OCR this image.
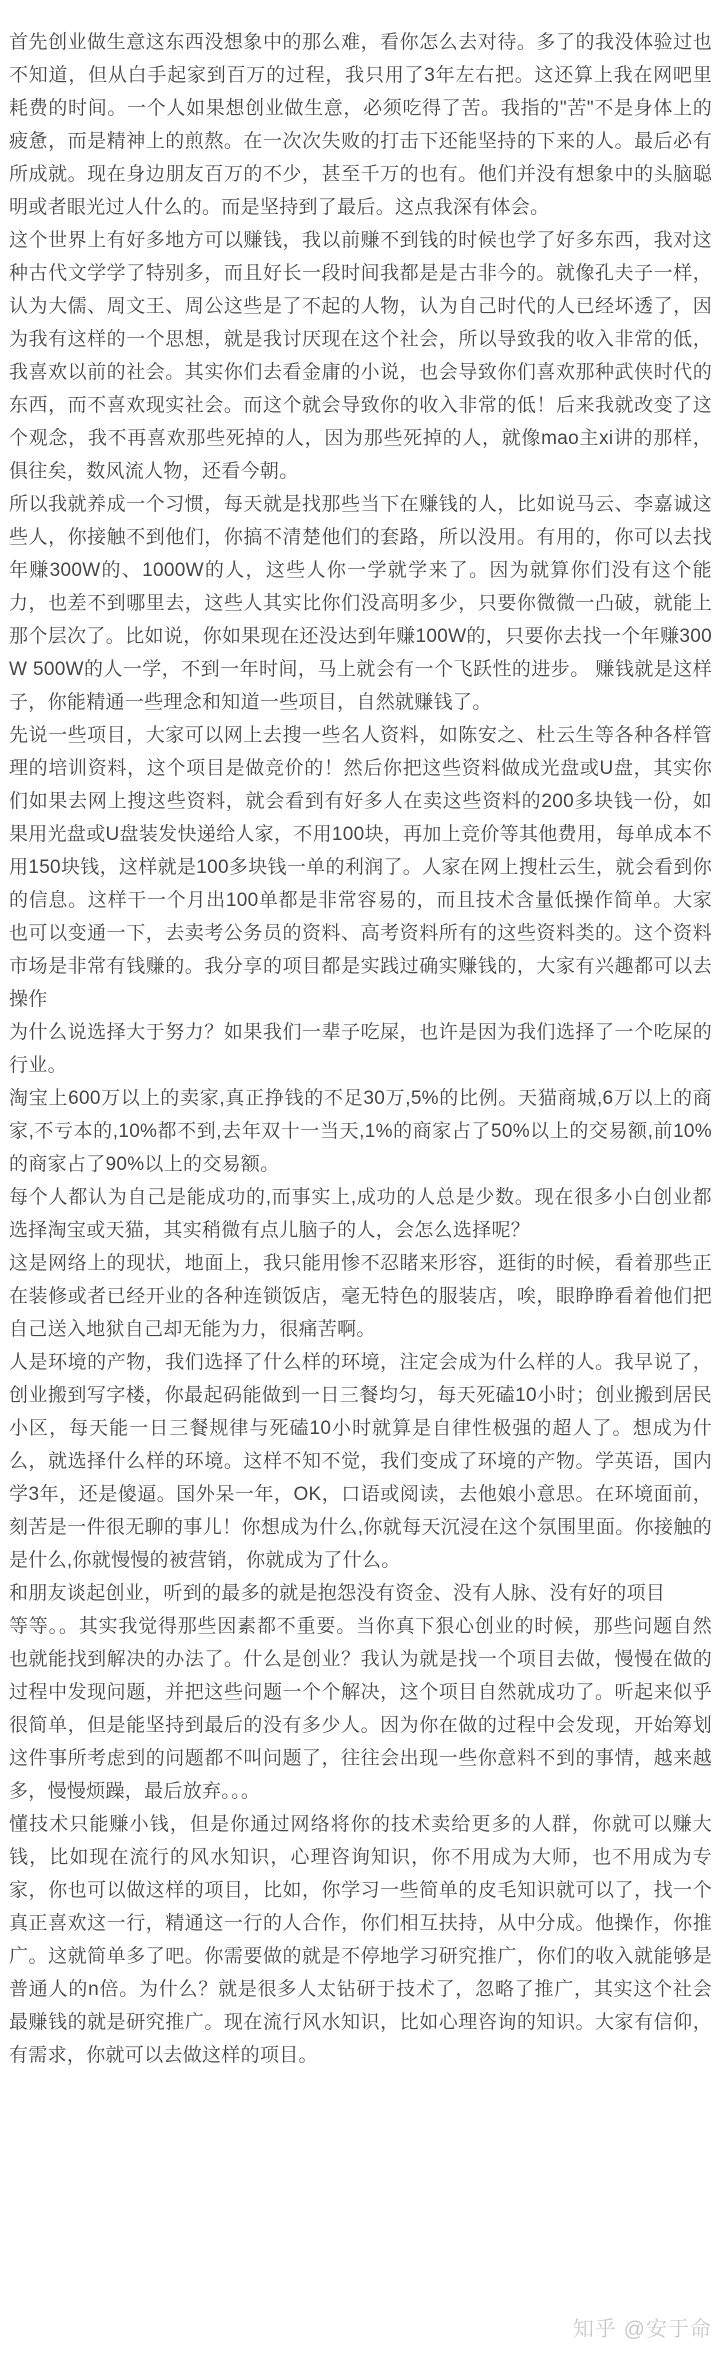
首先创业做生意这东西没想象中的那么难，看你怎么去对待。多了的我没体验过也不知道，但从白手起家到百万的过程，我只用了3年左右把。这还算上我在网吧里耗费的时间。一个人如果想创业做生意，必须吃得了苦。我指的"苦"不是身体上的疲惫，而是精神上的煎熬。在一次次失败的打击下还能坚持的下来的人。最后必有所成就。现在身边朋友百万的不少，甚至千万的也有。他们并没有想象中的头脑聪明或者眼光过人什么的。而是坚持到了最后。这点我深有体会。

这个世界上有好多地方可以赚钱，我以前赚不到钱的时候也学了好多东西，我对这种古代文学学了特别多，而且好长一段时间我都是是古非今的。就像孔夫子一样，认为大儒、周文王、周公这些是了不起的人物，认为自己时代的人已经坏透了，因为我有这样的一个思想，就是我讨厌现在这个社会，所以导致我的收入非常的低，我喜欢以前的社会。其实你们去看金庸的小说，也会导致你们喜欢那种武侠时代的东西，而不喜欢现实社会。而这个就会导致你的收入非常的低！后来我就改变了这个观念，我不再喜欢那些死掉的人，因为那些死掉的人，就像mao主xi讲的那样，俱往矣，数风流人物，还看今朝。

所以我就养成一个习惯，每天就是找那些当下在赚钱的人，比如说马云、李嘉诚这些人，你接触不到他们，你搞不清楚他们的套路，所以没用。有用的，你可以去找年赚300W的、1000W的人，这些人你一学就学来了。因为就算你们没有这个能力，也差不到哪里去，这些人其实比你们没高明多少，只要你微微一凸破，就能上那个层次了。比如说，你如果现在还没达到年赚100W的，只要你去找一个年赚300W 500W的人一学，不到一年时间，马上就会有一个飞跃性的进步。 赚钱就是这样子，你能精通一些理念和知道一些项目，自然就赚钱了。

先说一些项目，大家可以网上去搜一些名人资料，如陈安之、杜云生等各种各样管理的培训资料，这个项目是做竞价的！然后你把这些资料做成光盘或U盘，其实你们如果去网上搜这些资料，就会看到有好多人在卖这些资料的200多块钱一份，如果用光盘或U盘装发快递给人家，不用100块，再加上竞价等其他费用，每单成本不用150块钱，这样就是100多块钱一单的利润了。人家在网上搜杜云生，就会看到你的信息。这样干一个月出100单都是非常容易的，而且技术含量低操作简单。大家也可以变通一下，去卖考公务员的资料、高考资料所有的这些资料类的。这个资料市场是非常有钱赚的。我分享的项目都是实践过确实赚钱的，大家有兴趣都可以去操作

为什么说选择大于努力？如果我们一辈子吃屎，也许是因为我们选择了一个吃屎的行业。

淘宝上600万以上的卖家,真正挣钱的不足30万,5%的比例。天猫商城,6万以上的商家,不亏本的,10%都不到,去年双十一当天,1%的商家占了50%以上的交易额,前10%的商家占了90%以上的交易额。

每个人都认为自己是能成功的,而事实上,成功的人总是少数。现在很多小白创业都选择淘宝或天猫，其实稍微有点儿脑子的人，会怎么选择呢？

这是网络上的现状，地面上，我只能用惨不忍睹来形容，逛街的时候，看着那些正在装修或者已经开业的各种连锁饭店，毫无特色的服装店，唉，眼睁睁看着他们把自己送入地狱自己却无能为力，很痛苦啊。

人是环境的产物，我们选择了什么样的环境，注定会成为什么样的人。我早说了，创业搬到写字楼，你最起码能做到一日三餐均匀，每天死磕10小时；创业搬到居民小区，每天能一日三餐规律与死磕10小时就算是自律性极强的超人了。想成为什么，就选择什么样的环境。这样不知不觉，我们变成了环境的产物。学英语，国内学3年，还是傻逼。国外呆一年，OK，口语或阅读，去他娘小意思。在环境面前，刻苦是一件很无聊的事儿！你想成为什么,你就每天沉浸在这个氛围里面。你接触的是什么,你就慢慢的被营销，你就成为了什么。

和朋友谈起创业，听到的最多的就是抱怨没有资金、没有人脉、没有好的项目
等等。。其实我觉得那些因素都不重要。当你真下狠心创业的时候，那些问题自然也就能找到解决的办法了。什么是创业？我认为就是找一个项目去做，慢慢在做的过程中发现问题，并把这些问题一个个解决，这个项目自然就成功了。听起来似乎很简单，但是能坚持到最后的没有多少人。因为你在做的过程中会发现，开始筹划这件事所考虑到的问题都不叫问题了，往往会出现一些你意料不到的事情，越来越多，慢慢烦躁，最后放弃。。。

懂技术只能赚小钱，但是你通过网络将你的技术卖给更多的人群，你就可以赚大钱，比如现在流行的风水知识，心理咨询知识，你不用成为大师，也不用成为专家，你也可以做这样的项目，比如，你学习一些简单的皮毛知识就可以了，找一个真正喜欢这一行，精通这一行的人合作，你们相互扶持，从中分成。他操作，你推广。这就简单多了吧。你需要做的就是不停地学习研究推广，你们的收入就能够是普通人的n倍。为什么？就是很多人太钻研于技术了，忽略了推广，其实这个社会最赚钱的就是研究推广。现在流行风水知识，比如心理咨询的知识。大家有信仰，有需求，你就可以去做这样的项目。

知乎 @安于命
